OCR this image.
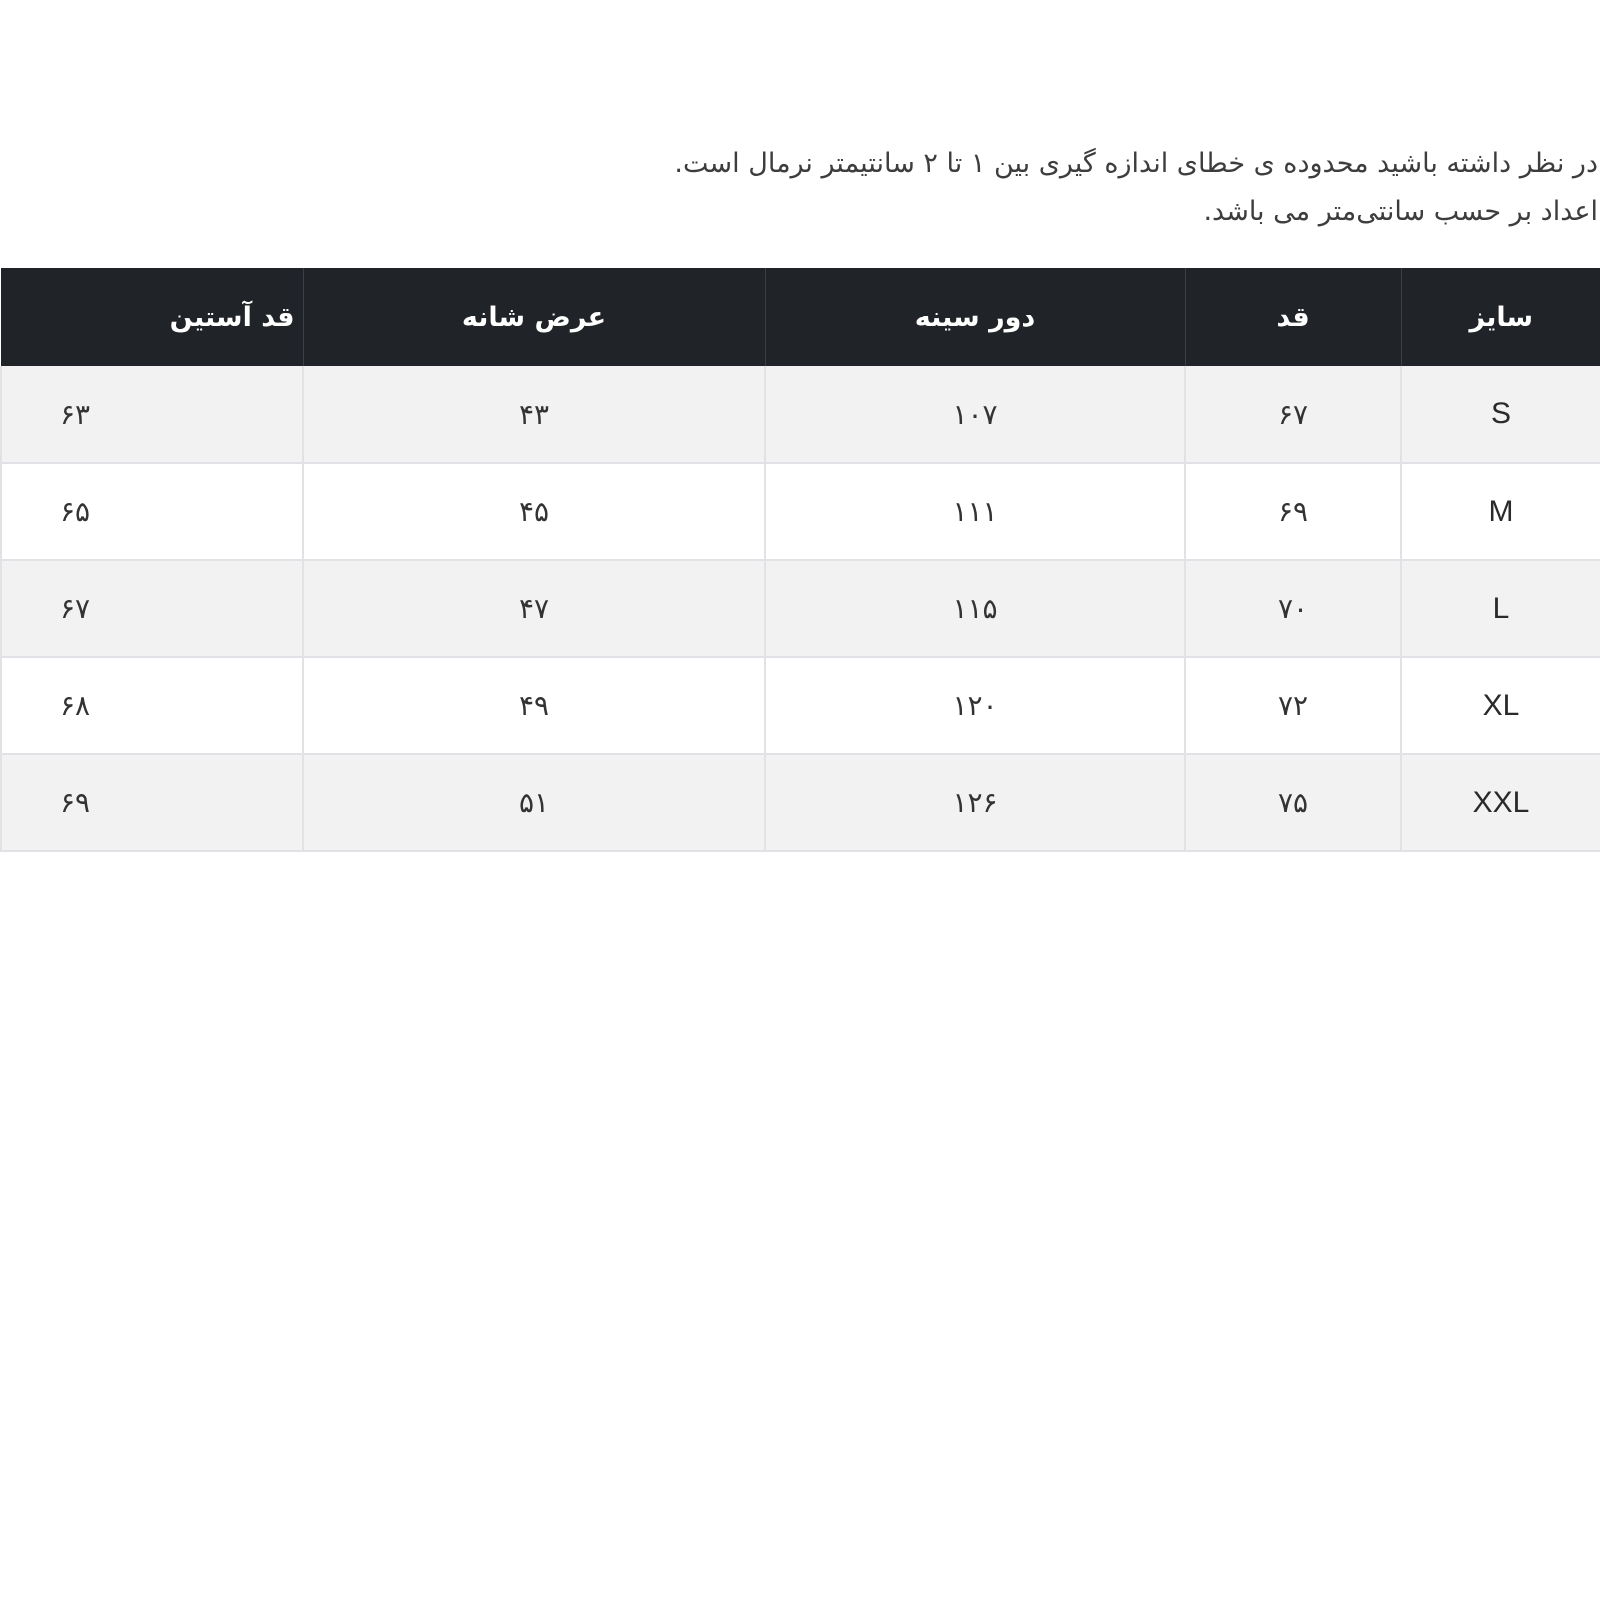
در نظر داشته باشید محدوده ی خطای اندازه گیری بین ۱ تا ۲ سانتیمتر نرمال است.

اعداد بر حسب سانتی‌متر می باشد.

سایز	قد	دور سینه	عرض شانه	قد آستین
S	۶۷	۱۰۷	۴۳	۶۳
M	۶۹	۱۱۱	۴۵	۶۵
L	۷۰	۱۱۵	۴۷	۶۷
XL	۷۲	۱۲۰	۴۹	۶۸
XXL	۷۵	۱۲۶	۵۱	۶۹
